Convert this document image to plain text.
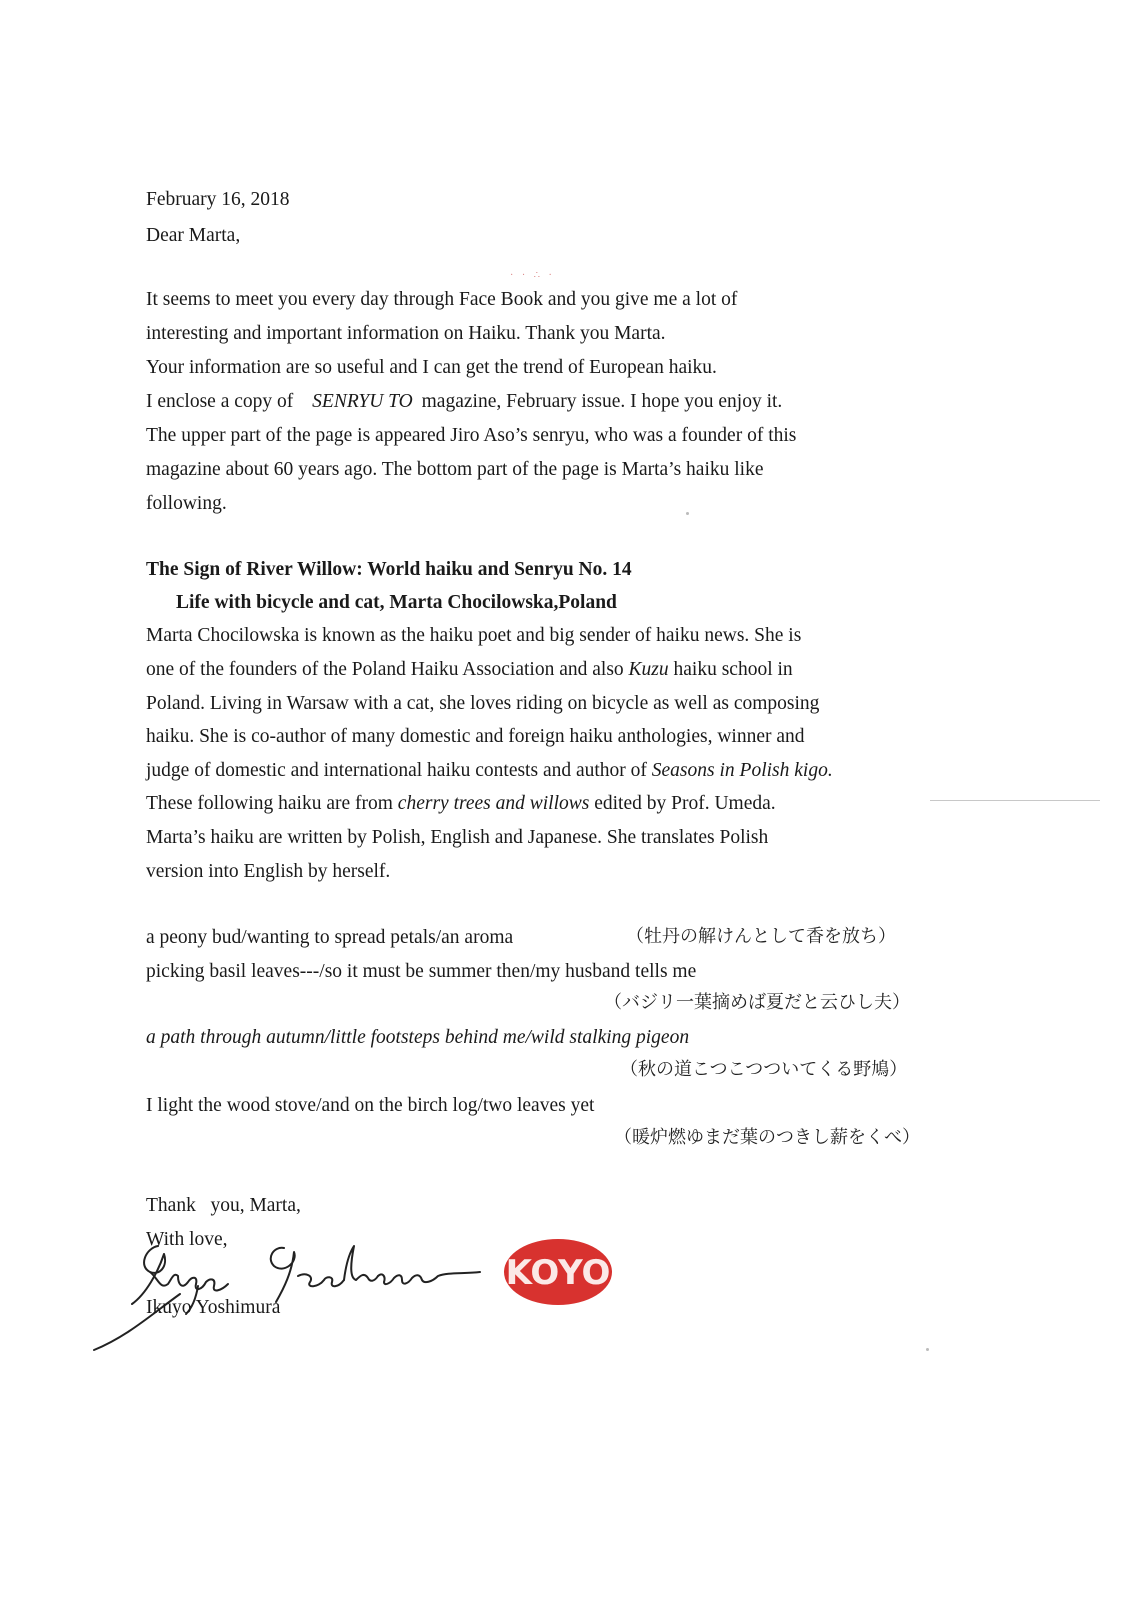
· · ∴ ·
February 16, 2018
Dear Marta,
It seems to meet you every day through Face Book and you give me a lot of
interesting and important information on Haiku. Thank you Marta.
Your information are so useful and I can get the trend of European haiku.
I enclose a copy of SENRYU TO magazine, February issue. I hope you enjoy it.
The upper part of the page is appeared Jiro Aso’s senryu, who was a founder of this
magazine about 60 years ago. The bottom part of the page is Marta’s haiku like
following.
The Sign of River Willow: World haiku and Senryu No. 14
Life with bicycle and cat, Marta Chocilowska,Poland
Marta Chocilowska is known as the haiku poet and big sender of haiku news. She is
one of the founders of the Poland Haiku Association and also Kuzu haiku school in
Poland. Living in Warsaw with a cat, she loves riding on bicycle as well as composing
haiku. She is co-author of many domestic and foreign haiku anthologies, winner and
judge of domestic and international haiku contests and author of Seasons in Polish kigo.
These following haiku are from cherry trees and willows edited by Prof. Umeda.
Marta’s haiku are written by Polish, English and Japanese. She translates Polish
version into English by herself.
a peony bud/wanting to spread petals/an aroma	（牡丹の解けんとして香を放ち）
picking basil leaves---/so it must be summer then/my husband tells me
（バジリ一葉摘めば夏だと云ひし夫）
a path through autumn/little footsteps behind me/wild stalking pigeon
（秋の道こつこつついてくる野鳩）
I light the wood stove/and on the birch log/two leaves yet
（暖炉燃ゆまだ葉のつきし薪をくべ）
Thank   you, Marta,
With love,
KOYO
Ikuyo Yoshimura
